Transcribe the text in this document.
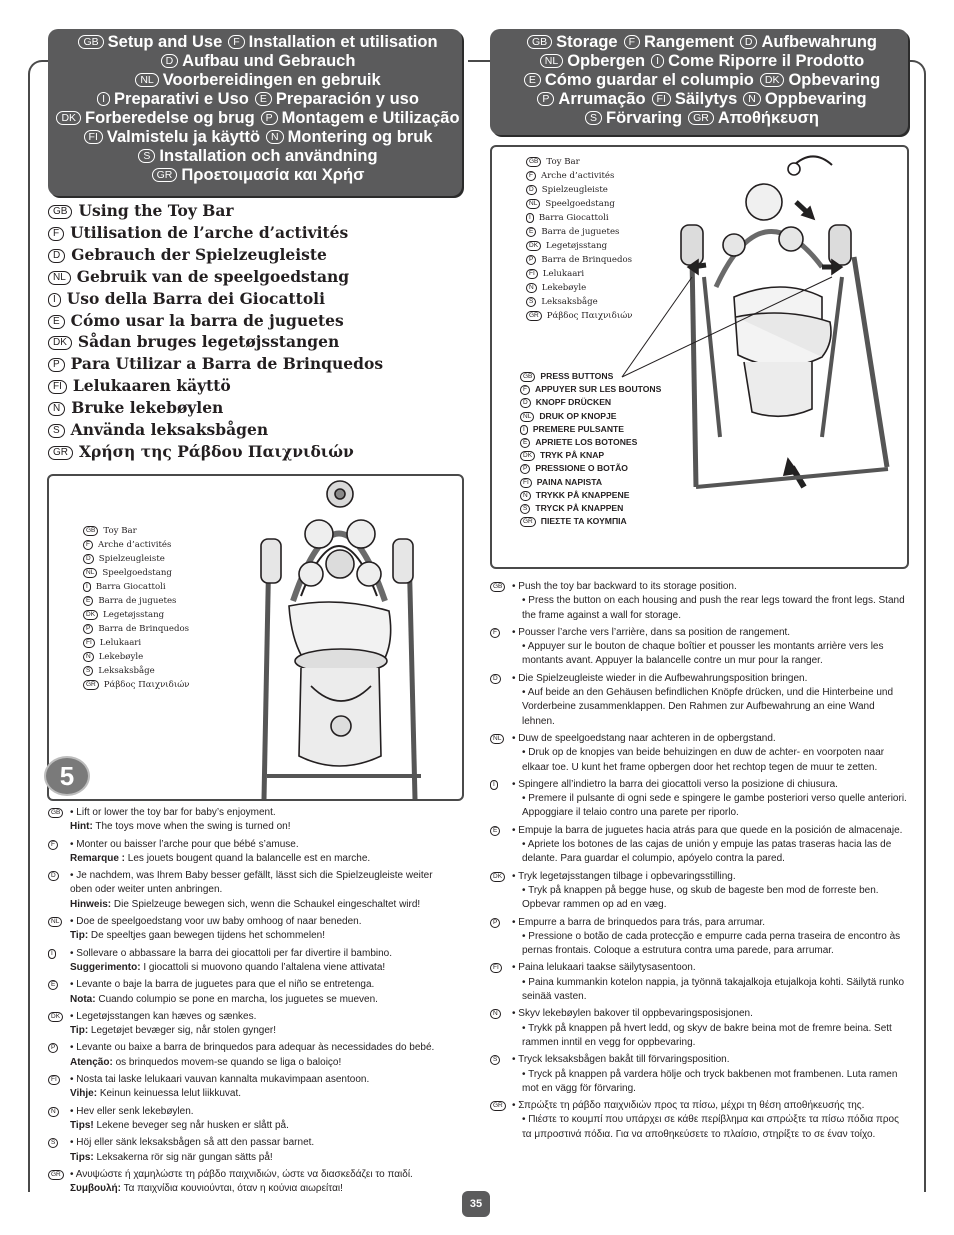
GB Setup and Use F Installation et utilisation
D Aufbau und Gebrauch
NL Voorbereidingen en gebruik
I Preparativi e Uso E Preparación y uso
DK Forberedelse og brug P Montagem e Utilização
FI Valmistelu ja käyttö N Montering og bruk
S Installation och användning
GR Προετοιμασία και Χρήσ
GB Storage F Rangement D Aufbewahrung
NL Opbergen I Come Riporre il Prodotto
E Cómo guardar el columpio DK Opbevaring
P Arrumação FI Säilytys N Oppbevaring
S Förvaring GR Αποθήκευση
GB Using the Toy Bar
F Utilisation de l’arche d’activités
D Gebrauch der Spielzeugleiste
NL Gebruik van de speelgoedstang
I Uso della Barra dei Giocattoli
E Cómo usar la barra de juguetes
DK Sådan bruges legetøjsstangen
P Para Utilizar a Barra de Brinquedos
FI Lelukaaren käyttö
N Bruke lekebøylen
S Använda leksaksbågen
GR Χρήση της Ράβδου Παιχνιδιών
GB Toy Bar
F Arche d’activités
D Spielzeugleiste
NL Speelgoedstang
I Barra Giocattoli
E Barra de juguetes
DK Legetøjsstang
P Barra de Brinquedos
FI Lelukaari
N Lekebøyle
S Leksaksbåge
GR Ράβδος Παιχνιδιών
5
GB • Lift or lower the toy bar for baby’s enjoyment.
Hint: The toys move when the swing is turned on!
F	• Monter ou baisser l’arche pour que bébé s’amuse.
Remarque : Les jouets bougent quand la balancelle est en marche.
D	• Je nachdem, was Ihrem Baby besser gefällt, lässt sich die Spielzeugleiste weiter oben oder weiter unten anbringen.
Hinweis: Die Spielzeuge bewegen sich, wenn die Schaukel eingeschaltet wird!
NL	• Doe de speelgoedstang voor uw baby omhoog of naar beneden.
Tip: De speeltjes gaan bewegen tijdens het schommelen!
I	• Sollevare o abbassare la barra dei giocattoli per far divertire il bambino.
Suggerimento: I giocattoli si muovono quando l’altalena viene attivata!
E	• Levante o baje la barra de juguetes para que el niño se entretenga.
Nota: Cuando columpio se pone en marcha, los juguetes se mueven.
DK • Legetøjsstangen kan hæves og sænkes.
Tip: Legetøjet bevæger sig, når stolen gynger!
P	• Levante ou baixe a barra de brinquedos para adequar às necessidades do bebé.
Atenção: os brinquedos movem-se quando se liga o baloiço!
FI	• Nosta tai laske lelukaari vauvan kannalta mukavimpaan asentoon.
Vihje: Keinun keinuessa lelut liikkuvat.
N	• Hev eller senk lekebøylen.
Tips! Lekene beveger seg når husken er slått på.
S	• Höj eller sänk leksaksbågen så att den passar barnet.
Tips: Leksakerna rör sig när gungan sätts på!
GR • Ανυψώστε ή χαμηλώστε τη ράβδο παιχνιδιών, ώστε να διασκεδάζει το παιδί.
Συμβουλή: Τα παιχνίδια κουνιούνται, όταν η κούνια αιωρείται!
GB Toy Bar
F Arche d’activités
D Spielzeugleiste
NL Speelgoedstang
I Barra Giocattoli
E Barra de juguetes
DK Legetøjsstang
P Barra de Brinquedos
FI Lelukaari
N Lekebøyle
S Leksaksbåge
GR Ράβδος Παιχνιδιών
GB PRESS BUTTONS
F APPUYER SUR LES BOUTONS
D KNOPF DRÜCKEN
NL DRUK OP KNOPJE
I PREMERE PULSANTE
E APRIETE LOS BOTONES
DK TRYK PÅ KNAP
P PRESSIONE O BOTÃO
FI PAINA NAPISTA
N TRYKK PÅ KNAPPENE
S TRYCK PÅ KNAPPEN
GR ΠΙΕΣΤΕ ΤΑ ΚΟΥΜΠΙΑ
GB • Push the toy bar backward to its storage position.
• Press the button on each housing and push the rear legs toward the front legs. Stand the frame against a wall for storage.
F	• Pousser l’arche vers l’arrière, dans sa position de rangement.
• Appuyer sur le bouton de chaque boîtier et pousser les montants arrière vers les montants avant. Appuyer la balancelle contre un mur pour la ranger.
D	• Die Spielzeugleiste wieder in die Aufbewahrungsposition bringen.
• Auf beide an den Gehäusen befindlichen Knöpfe drücken, und die Hinterbeine und Vorderbeine zusammenklappen. Den Rahmen zur Aufbewahrung an eine Wand lehnen.
NL	• Duw de speelgoedstang naar achteren in de opbergstand.
• Druk op de knopjes van beide behuizingen en duw de achter- en voorpoten naar elkaar toe. U kunt het frame opbergen door het rechtop tegen de muur te zetten.
I	• Spingere all’indietro la barra dei giocattoli verso la posizione di chiusura.
• Premere il pulsante di ogni sede e spingere le gambe posteriori verso quelle anteriori. Appoggiare il telaio contro una parete per riporlo.
E	• Empuje la barra de juguetes hacia atrás para que quede en la posición de almacenaje.
• Apriete los botones de las cajas de unión y empuje las patas traseras hacia las de delante. Para guardar el columpio, apóyelo contra la pared.
DK • Tryk legetøjsstangen tilbage i opbevaringsstilling.
• Tryk på knappen på begge huse, og skub de bageste ben mod de forreste ben. Opbevar rammen op ad en væg.
P	• Empurre a barra de brinquedos para trás, para arrumar.
• Pressione o botão de cada protecção e empurre cada perna traseira de encontro às pernas frontais. Coloque a estrutura contra uma parede, para arrumar.
FI	• Paina lelukaari taakse säilytysasentoon.
• Paina kummankin kotelon nappia, ja työnnä takajalkoja etujalkoja kohti. Säilytä runko seinää vasten.
N	• Skyv lekebøylen bakover til oppbevaringsposisjonen.
• Trykk på knappen på hvert ledd, og skyv de bakre beina mot de fremre beina. Sett rammen inntil en vegg for oppbevaring.
S	• Tryck leksaksbågen bakåt till förvaringsposition.
• Tryck på knappen på vardera hölje och tryck bakbenen mot frambenen. Luta ramen mot en vägg för förvaring.
GR • Σπρώξτε τη ράβδο παιχνιδιών προς τα πίσω, μέχρι τη θέση αποθήκευσής της.
• Πιέστε το κουμπί που υπάρχει σε κάθε περίβλημα και σπρώξτε τα πίσω πόδια προς τα μπροστινά πόδια. Για να αποθηκεύσετε το πλαίσιο, στηρίξτε το σε έναν τοίχο.
35
